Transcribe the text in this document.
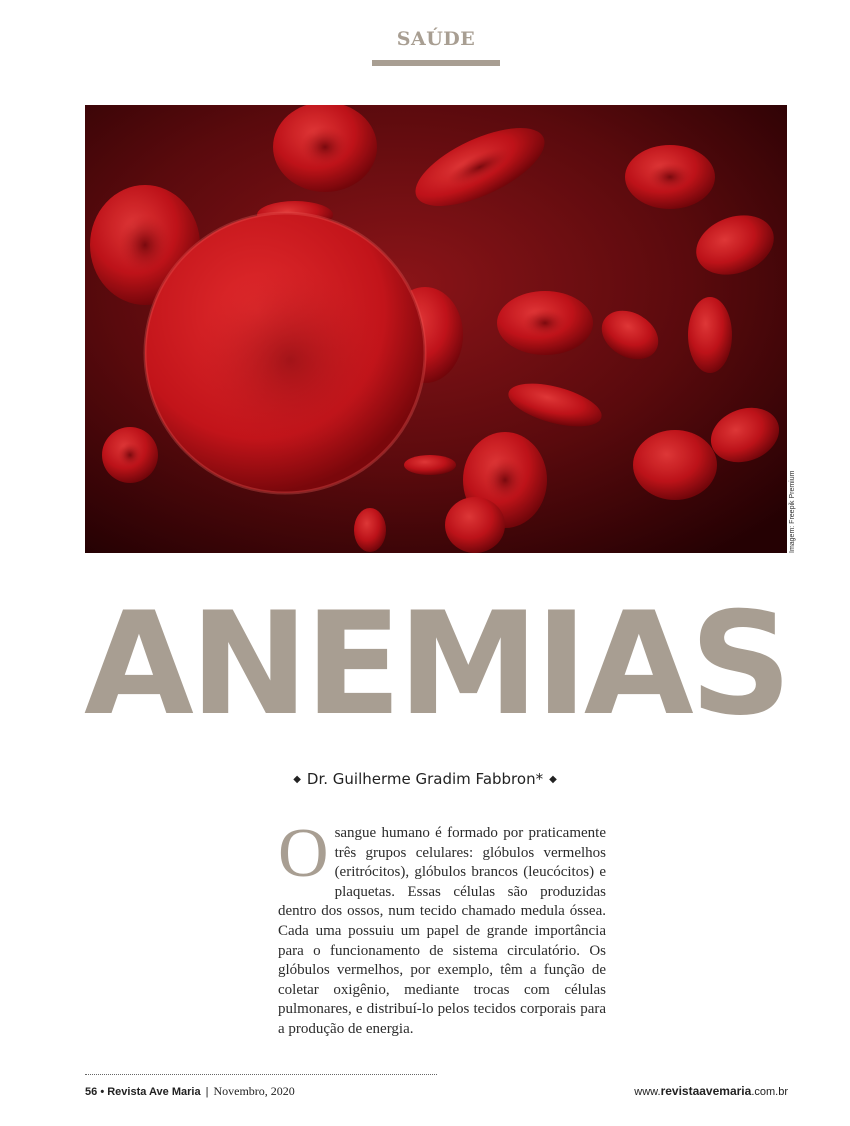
SAÚDE
Imagem: Freepik Premium
ANEMIAS
◆ Dr. Guilherme Gradim Fabbron* ◆

O sangue humano é formado por praticamente três grupos celulares: glóbulos vermelhos (eritrócitos), glóbulos brancos (leucócitos) e plaquetas. Essas células são produzidas dentro dos ossos, num tecido chamado medula óssea. Cada uma possuiu um papel de grande importância para o funcionamento de sistema circulatório. Os glóbulos vermelhos, por exemplo, têm a função de coletar oxigênio, mediante trocas com células pulmonares, e distribuí-lo pelos tecidos corporais para a produção de energia.

56 • Revista Ave Maria | Novembro, 2020	www.revistaavemaria.com.br
